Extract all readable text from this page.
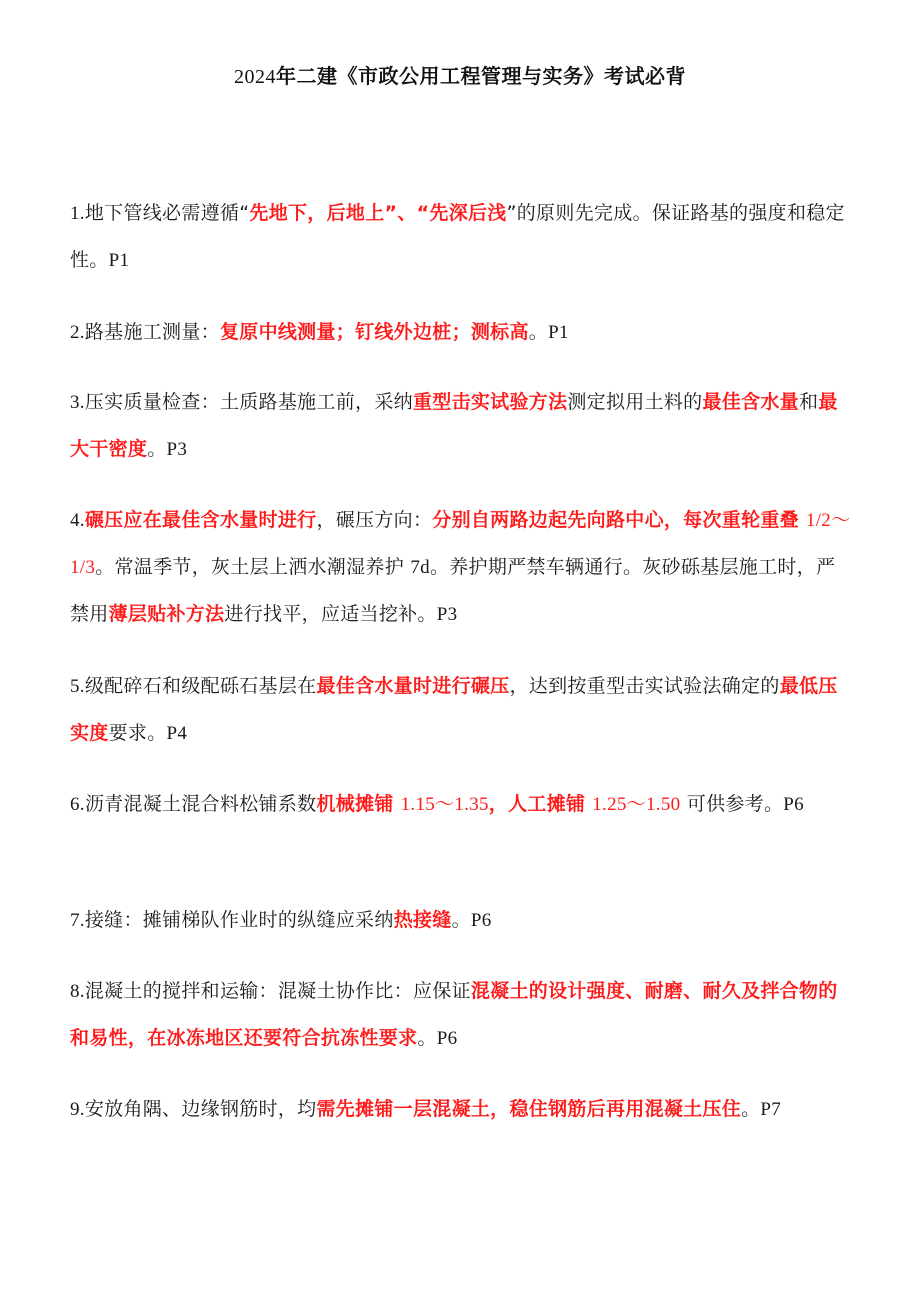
2024年二建《市政公用工程管理与实务》考试必背
1.地下管线必需遵循“先地下，后地上”、“先深后浅”的原则先完成。保证路基的强度和稳定性。P1
2.路基施工测量：复原中线测量；钉线外边桩；测标高。P1
3.压实质量检查：土质路基施工前，采纳重型击实试验方法测定拟用土料的最佳含水量和最大干密度。P3
4.碾压应在最佳含水量时进行，碾压方向：分别自两路边起先向路中心，每次重轮重叠 1/2～1/3。常温季节，灰土层上洒水潮湿养护 7d。养护期严禁车辆通行。灰砂砾基层施工时，严禁用薄层贴补方法进行找平，应适当挖补。P3
5.级配碎石和级配砾石基层在最佳含水量时进行碾压，达到按重型击实试验法确定的最低压实度要求。P4
6.沥青混凝土混合料松铺系数机械摊铺 1.15～1.35，人工摊铺 1.25～1.50 可供参考。P6
7.接缝：摊铺梯队作业时的纵缝应采纳热接缝。P6
8.混凝土的搅拌和运输：混凝土协作比：应保证混凝土的设计强度、耐磨、耐久及拌合物的和易性，在冰冻地区还要符合抗冻性要求。P6
9.安放角隅、边缘钢筋时，均需先摊铺一层混凝土，稳住钢筋后再用混凝土压住。P7
